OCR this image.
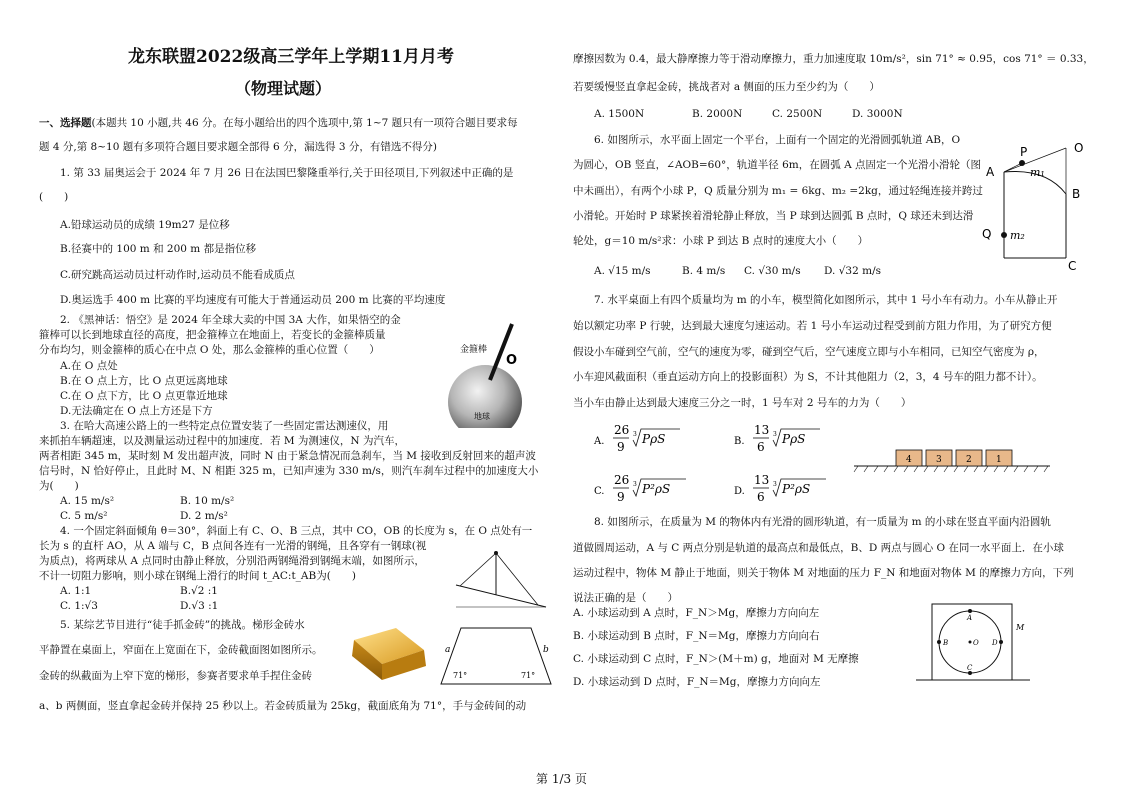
龙东联盟2022级高三学年上学期11月月考
（物理试题）
一、选择题(本题共 10 小题,共 46 分。在每小题给出的四个选项中,第 1~7 题只有一项符合题目要求每
题 4 分,第 8~10 题有多项符合题目要求题全部得 6 分，漏选得 3 分，有错选不得分)
1. 第 33 届奥运会于 2024 年 7 月 26 日在法国巴黎隆重举行,关于田径项目,下列叙述中正确的是
(　　)
A.铅球运动员的成绩 19m27 是位移
B.径赛中的 100 m 和 200 m 都是指位移
C.研究跳高运动员过杆动作时,运动员不能看成质点
D.奥运选手 400 m 比赛的平均速度有可能大于普通运动员 200 m 比赛的平均速度
2. 《黑神话：悟空》是 2024 年全球大卖的中国 3A 大作，如果悟空的金
箍棒可以长到地球直径的高度，把金箍棒立在地面上，若变长的金箍棒质量
分布均匀，则金箍棒的质心在中点 O 处，那么金箍棒的重心位置（　　）
A.在 O 点处
B.在 O 点上方，比 O 点更远离地球
C.在 O 点下方，比 O 点更靠近地球
D.无法确定在 O 点上方还是下方
金箍棒
O
地球
3. 在哈大高速公路上的一些特定点位置安装了一些固定雷达测速仪，用
来抓拍车辆超速，以及测量运动过程中的加速度．若 M 为测速仪，N 为汽车，
两者相距 345 m，某时刻 M 发出超声波，同时 N 由于紧急情况而急刹车，当 M 接收到反射回来的超声波
信号时，N 恰好停止，且此时 M、N 相距 325 m，已知声速为 330 m/s，则汽车刹车过程中的加速度大小
为(　　)
A. 15 m/s²	B. 10 m/s²
C. 5 m/s²	D. 2 m/s²
4. 一个固定斜面倾角 θ＝30°，斜面上有 C、O、B 三点，其中 CO，OB 的长度为 s，在 O 点处有一
长为 s 的直杆 AO，从 A 端与 C，B 点间各连有一光滑的钢绳，且各穿有一钢球(视
为质点)，将两球从 A 点同时由静止释放，分别沿两钢绳滑到钢绳末端，如图所示，
不计一切阻力影响，则小球在钢绳上滑行的时间 t_AC:t_AB为(　　)
A. 1:1	B.√2 :1
C. 1:√3	D.√3 :1
5. 某综艺节目进行“徒手抓金砖”的挑战。梯形金砖水
平静置在桌面上，窄面在上宽面在下，金砖截面图如图所示。
金砖的纵截面为上窄下宽的梯形，参赛者要求单手捏住金砖
a、b 两侧面，竖直拿起金砖并保持 25 秒以上。若金砖质量为 25kg，截面底角为 71°，手与金砖间的动
a	b
71°	71°
摩擦因数为 0.4，最大静摩擦力等于滑动摩擦力，重力加速度取 10m/s²，sin 71° ≈ 0.95，cos 71° ＝ 0.33，
若要缓慢竖直拿起金砖，挑战者对 a 侧面的压力至少约为（　　）
A. 1500N	B. 2000N	C. 2500N	D. 3000N
6. 如图所示，水平面上固定一个平台，上面有一个固定的光滑圆弧轨道 AB，O
为圆心，OB 竖直，∠AOB=60°，轨道半径 6m，在圆弧 A 点固定一个光滑小滑轮（图
中未画出），有两个小球 P，Q 质量分别为 m₁ = 6kg、m₂ =2kg，通过轻绳连接并跨过
小滑轮。开始时 P 球紧挨着滑轮静止释放，当 P 球到达圆弧 B 点时，Q 球还未到达滑
轮处，g＝10 m/s²求：小球 P 到达 B 点时的速度大小（　　）
A. √15 m/s	B. 4 m/s C. √30 m/s D. √32 m/s
P	O
A	m₁
B
Q m₂
C
7. 水平桌面上有四个质量均为 m 的小车，模型简化如图所示，其中 1 号小车有动力。小车从静止开
始以额定功率 P 行驶，达到最大速度匀速运动。若 1 号小车运动过程受到前方阻力作用，为了研究方便
假设小车碰到空气前，空气的速度为零，碰到空气后，空气速度立即与小车相同，已知空气密度为 ρ，
小车迎风截面积（垂直运动方向上的投影面积）为 S，不计其他阻力（2，3，4 号车的阻力都不计）。
当小车由静止达到最大速度三分之一时，1 号车对 2 号车的力为（　　）
A.
26
9
3 PρS	B.
13
6
3 PρS
C.
26
9
3 P²ρS	D.
13
6
3 P²ρS
4	3	2	1
8. 如图所示，在质量为 M 的物体内有光滑的圆形轨道，有一质量为 m 的小球在竖直平面内沿圆轨
道做圆周运动，A 与 C 两点分别是轨道的最高点和最低点，B、D 两点与圆心 O 在同一水平面上．在小球
运动过程中，物体 M 静止于地面，则关于物体 M 对地面的压力 F_N 和地面对物体 M 的摩擦力方向，下列
说法正确的是（　　）
A. 小球运动到 A 点时，F_N＞Mg，摩擦力方向向左
B. 小球运动到 B 点时，F_N＝Mg，摩擦力方向向右
C. 小球运动到 C 点时，F_N＞(M＋m) g，地面对 M 无摩擦
D. 小球运动到 D 点时，F_N＝Mg，摩擦力方向向左
A
B
C
D
O
M
第 1/3 页
